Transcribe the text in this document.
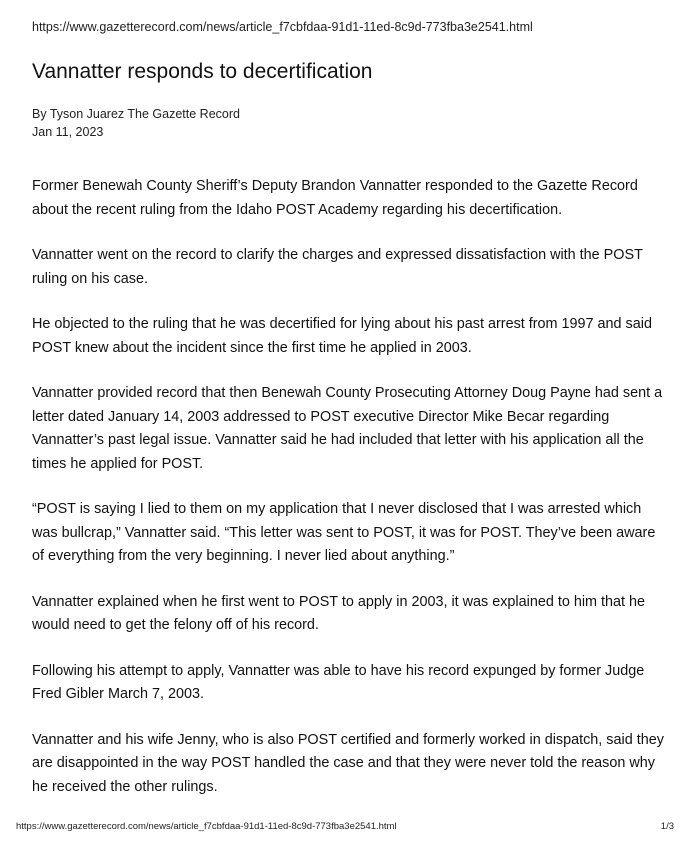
https://www.gazetterecord.com/news/article_f7cbfdaa-91d1-11ed-8c9d-773fba3e2541.html
Vannatter responds to decertification
By Tyson Juarez The Gazette Record
Jan 11, 2023

Former Benewah County Sheriff’s Deputy Brandon Vannatter responded to the Gazette Record about the recent ruling from the Idaho POST Academy regarding his decertification.

Vannatter went on the record to clarify the charges and expressed dissatisfaction with the POST ruling on his case.

He objected to the ruling that he was decertified for lying about his past arrest from 1997 and said POST knew about the incident since the first time he applied in 2003.

Vannatter provided record that then Benewah County Prosecuting Attorney Doug Payne had sent a letter dated January 14, 2003 addressed to POST executive Director Mike Becar regarding Vannatter’s past legal issue. Vannatter said he had included that letter with his application all the times he applied for POST.

“POST is saying I lied to them on my application that I never disclosed that I was arrested which was bullcrap,” Vannatter said. “This letter was sent to POST, it was for POST. They’ve been aware of everything from the very beginning. I never lied about anything.”

Vannatter explained when he first went to POST to apply in 2003, it was explained to him that he would need to get the felony off of his record.

Following his attempt to apply, Vannatter was able to have his record expunged by former Judge Fred Gibler March 7, 2003.

Vannatter and his wife Jenny, who is also POST certified and formerly worked in dispatch, said they are disappointed in the way POST handled the case and that they were never told the reason why he received the other rulings.

https://www.gazetterecord.com/news/article_f7cbfdaa-91d1-11ed-8c9d-773fba3e2541.html	1/3
